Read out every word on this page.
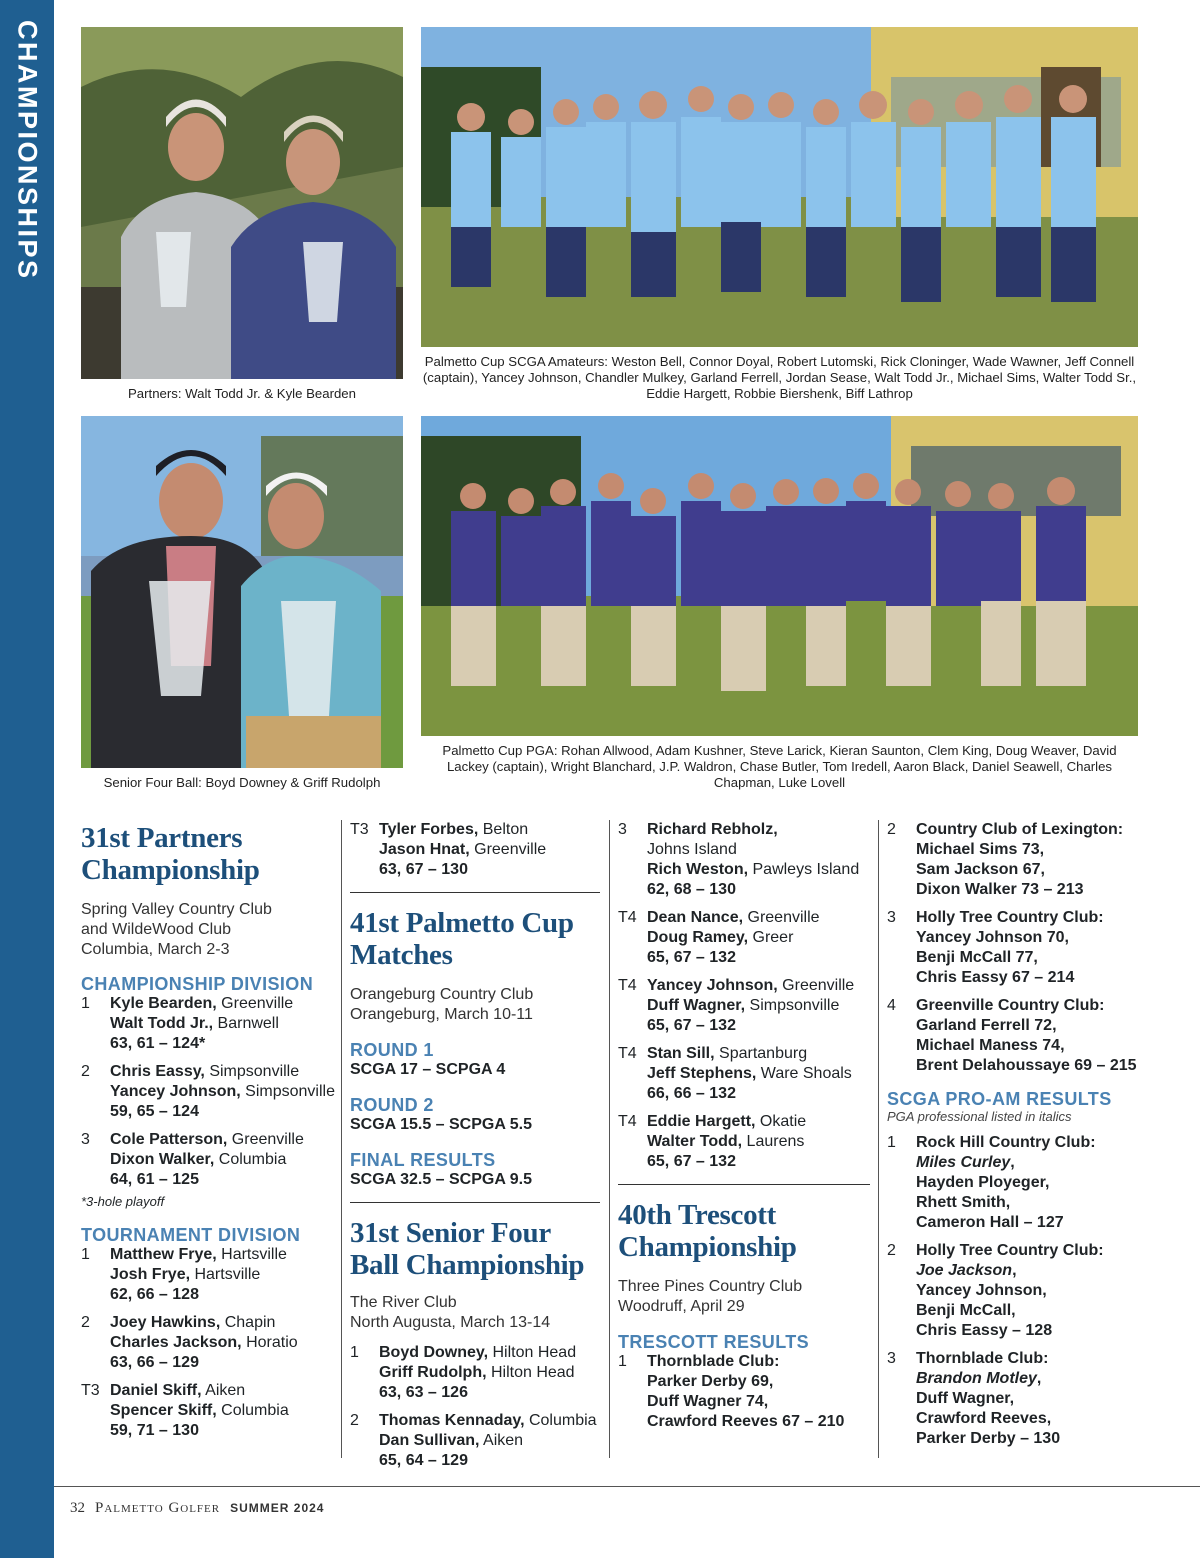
CHAMPIONSHIPS
Partners: Walt Todd Jr. & Kyle Bearden
Palmetto Cup SCGA Amateurs: Weston Bell, Connor Doyal, Robert Lutomski, Rick Cloninger, Wade Wawner, Jeff Connell (captain), Yancey Johnson, Chandler Mulkey, Garland Ferrell, Jordan Sease, Walt Todd Jr., Michael Sims, Walter Todd Sr., Eddie Hargett, Robbie Biershenk, Biff Lathrop
Senior Four Ball: Boyd Downey & Griff Rudolph
Palmetto Cup PGA: Rohan Allwood, Adam Kushner, Steve Larick, Kieran Saunton, Clem King, Doug Weaver, David Lackey (captain), Wright Blanchard, J.P. Waldron, Chase Butler, Tom Iredell, Aaron Black, Daniel Seawell, Charles Chapman, Luke Lovell
31st Partners Championship
Spring Valley Country Club
and WildeWood Club
Columbia, March 2-3
CHAMPIONSHIP DIVISION
1	Kyle Bearden, Greenville
Walt Todd Jr., Barnwell
63, 61 – 124*
2	Chris Eassy, Simpsonville
Yancey Johnson, Simpsonville
59, 65 – 124
3	Cole Patterson, Greenville
Dixon Walker, Columbia
64, 61 – 125
*3-hole playoff
TOURNAMENT DIVISION
1	Matthew Frye, Hartsville
Josh Frye, Hartsville
62, 66 – 128
2	Joey Hawkins, Chapin
Charles Jackson, Horatio
63, 66 – 129
T3 Daniel Skiff, Aiken
Spencer Skiff, Columbia
59, 71 – 130
T3 Tyler Forbes, Belton
Jason Hnat, Greenville
63, 67 – 130
41st Palmetto Cup Matches
Orangeburg Country Club
Orangeburg, March 10-11
ROUND 1
SCGA 17 – SCPGA 4
ROUND 2
SCGA 15.5 – SCPGA 5.5
FINAL RESULTS
SCGA 32.5 – SCPGA 9.5
31st Senior Four Ball Championship
The River Club
North Augusta, March 13-14
1	Boyd Downey, Hilton Head
Griff Rudolph, Hilton Head
63, 63 – 126
2	Thomas Kennaday, Columbia
Dan Sullivan, Aiken
65, 64 – 129
3	Richard Rebholz,
Johns Island
Rich Weston, Pawleys Island
62, 68 – 130
T4 Dean Nance, Greenville
Doug Ramey, Greer
65, 67 – 132
T4 Yancey Johnson, Greenville
Duff Wagner, Simpsonville
65, 67 – 132
T4 Stan Sill, Spartanburg
Jeff Stephens, Ware Shoals
66, 66 – 132
T4 Eddie Hargett, Okatie
Walter Todd, Laurens
65, 67 – 132
40th Trescott Championship
Three Pines Country Club
Woodruff, April 29
TRESCOTT RESULTS
1	Thornblade Club:
Parker Derby 69,
Duff Wagner 74,
Crawford Reeves 67 – 210
2	Country Club of Lexington:
Michael Sims 73,
Sam Jackson 67,
Dixon Walker 73 – 213
3	Holly Tree Country Club:
Yancey Johnson 70,
Benji McCall 77,
Chris Eassy 67 – 214
4	Greenville Country Club:
Garland Ferrell 72,
Michael Maness 74,
Brent Delahoussaye 69 – 215
SCGA PRO-AM RESULTS
PGA professional listed in italics
1	Rock Hill Country Club:
Miles Curley,
Hayden Ployeger,
Rhett Smith,
Cameron Hall – 127
2	Holly Tree Country Club:
Joe Jackson,
Yancey Johnson,
Benji McCall,
Chris Eassy – 128
3	Thornblade Club:
Brandon Motley,
Duff Wagner,
Crawford Reeves,
Parker Derby – 130
32 Palmetto Golfer SUMMER 2024
